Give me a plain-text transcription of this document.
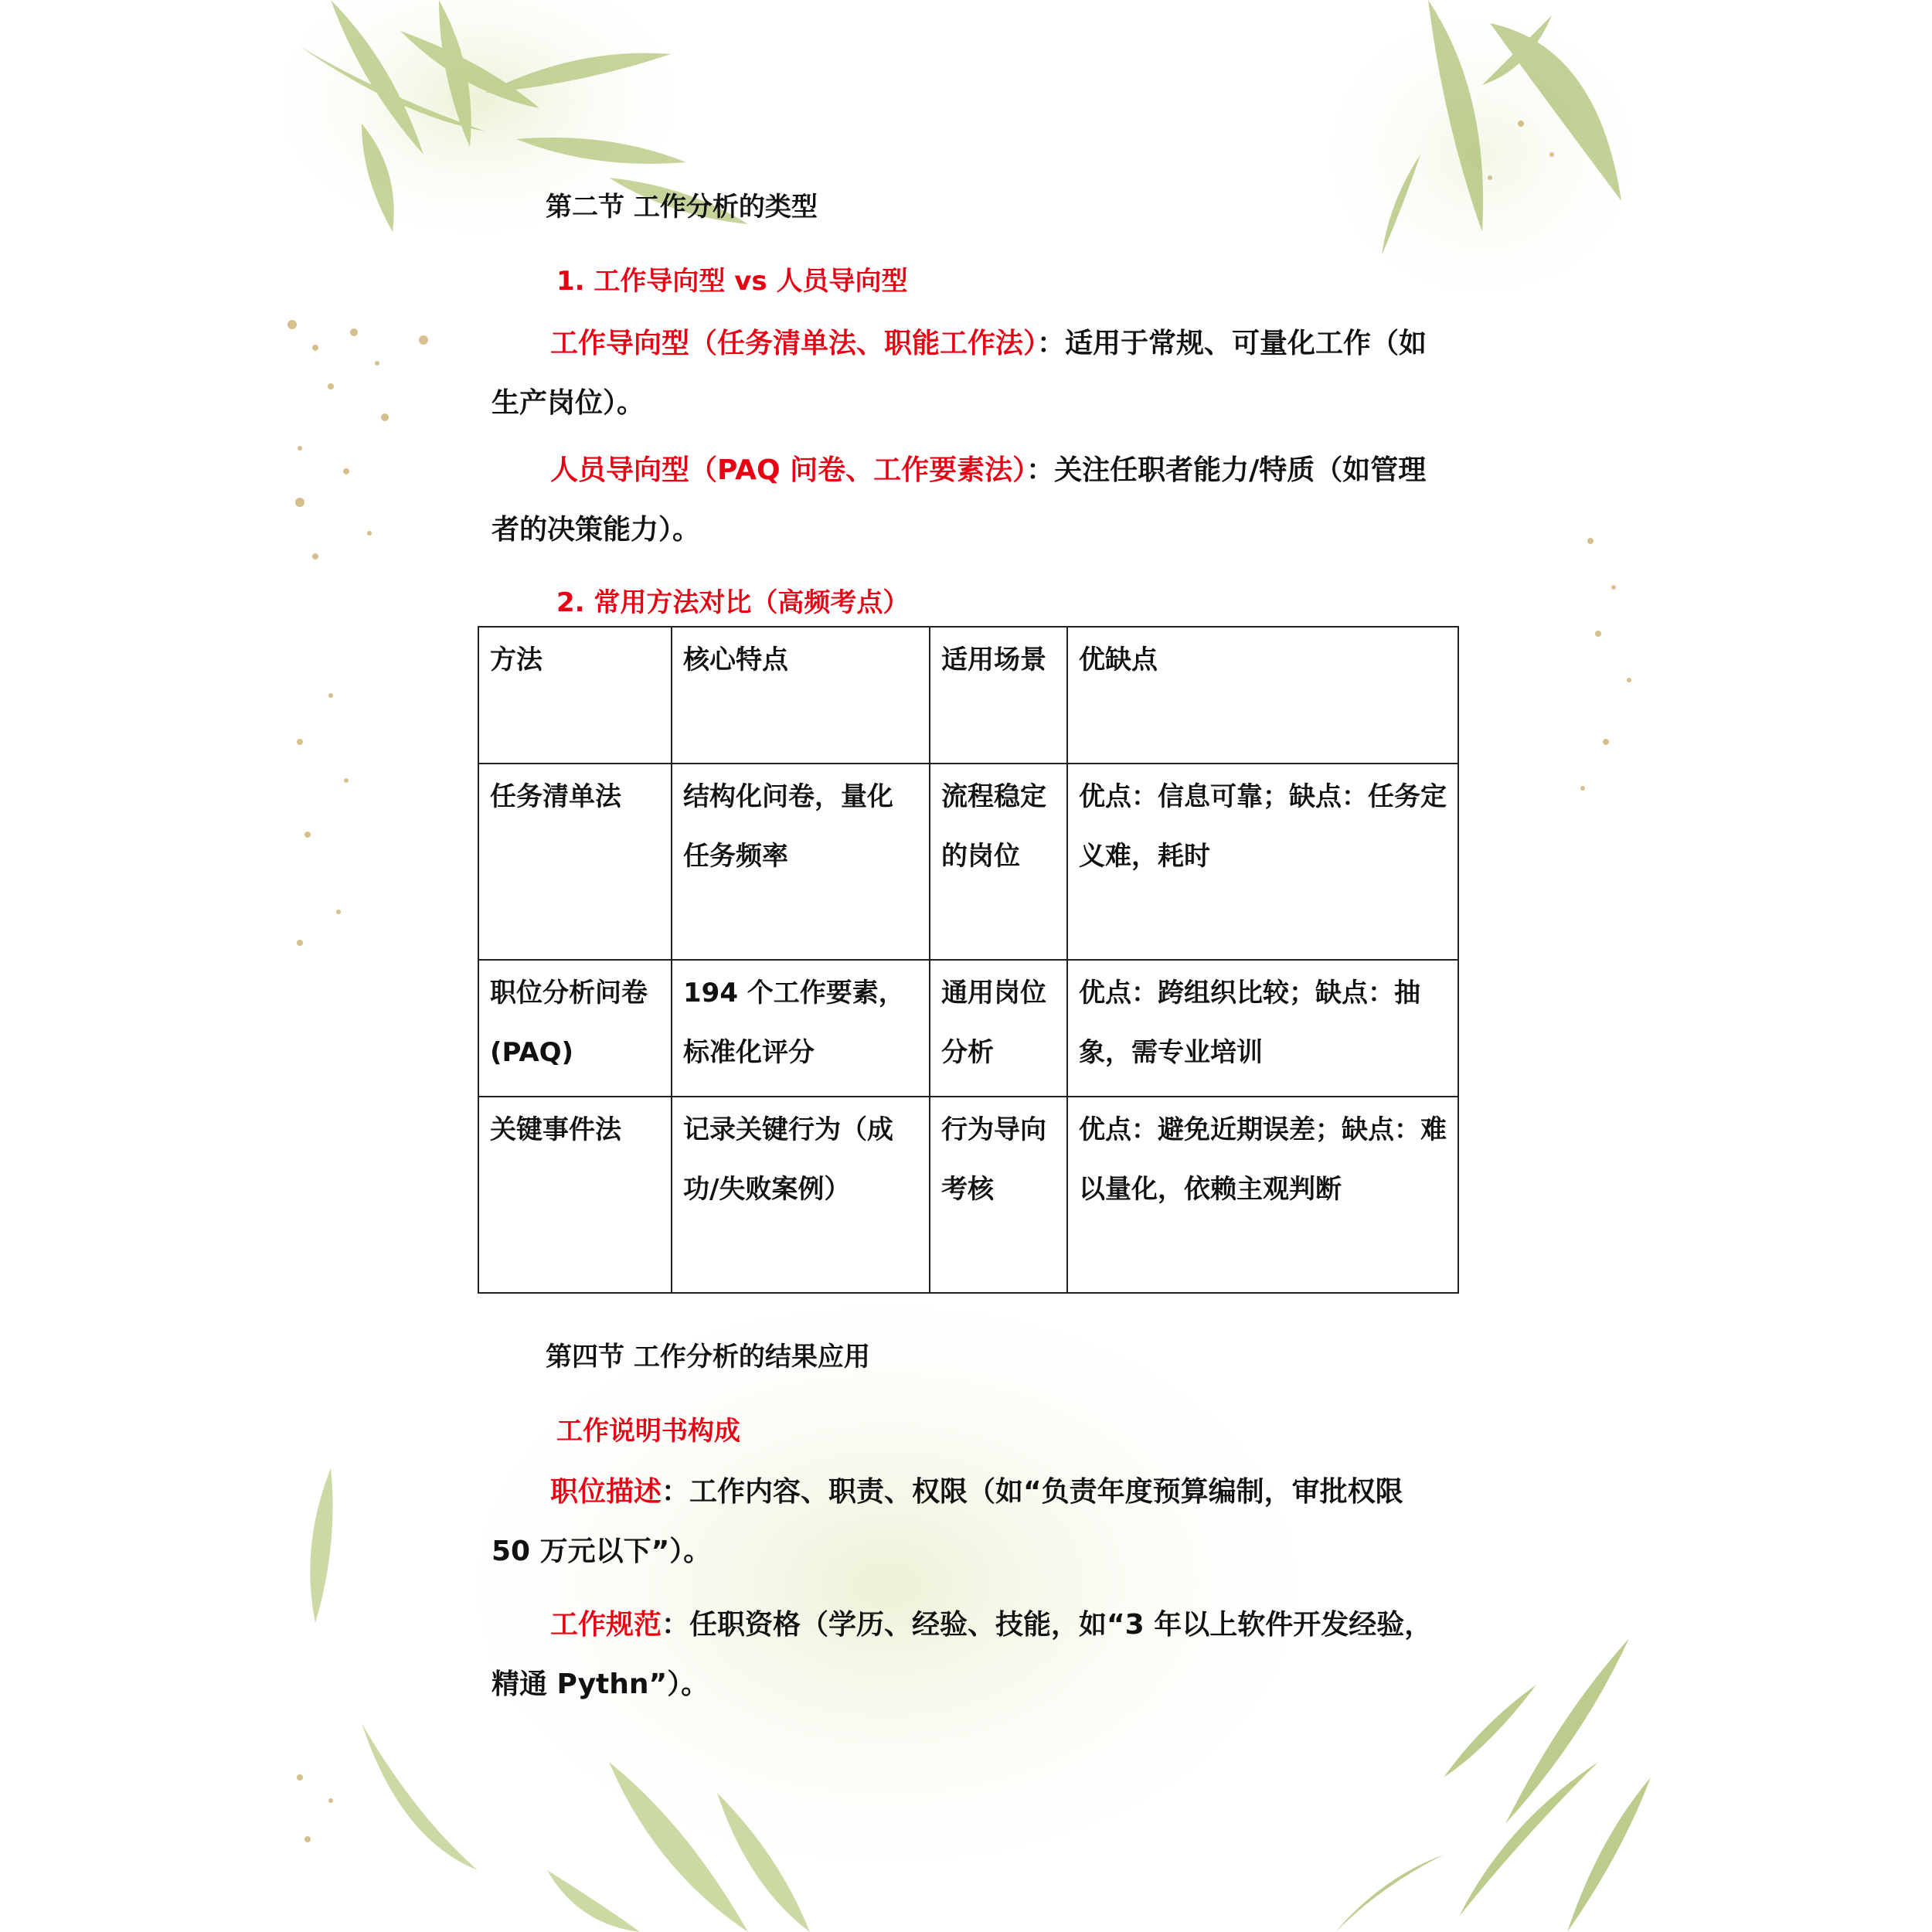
第二节 工作分析的类型
1. 工作导向型 vs 人员导向型

工作导向型（任务清单法、职能工作法）：适用于常规、可量化工作（如生产岗位）。

人员导向型（PAQ 问卷、工作要素法）：关注任职者能力/特质（如管理者的决策能力）。

2. 常用方法对比（高频考点）
方法	核心特点	适用场景	优缺点

任务清单法	结构化问卷，量化任务频率	流程稳定的岗位	优点：信息可靠；缺点：任务定义难，耗时

职位分析问卷(PAQ)	194 个工作要素，标准化评分	通用岗位分析	优点：跨组织比较；缺点：抽象，需专业培训

关键事件法	记录关键行为（成功/失败案例）	行为导向考核	优点：避免近期误差；缺点：难以量化，依赖主观判断
第四节 工作分析的结果应用
工作说明书构成

职位描述：工作内容、职责、权限（如“负责年度预算编制，审批权限 50 万元以下”）。

工作规范：任职资格（学历、经验、技能，如“3 年以上软件开发经验，精通 Pythn”）。
